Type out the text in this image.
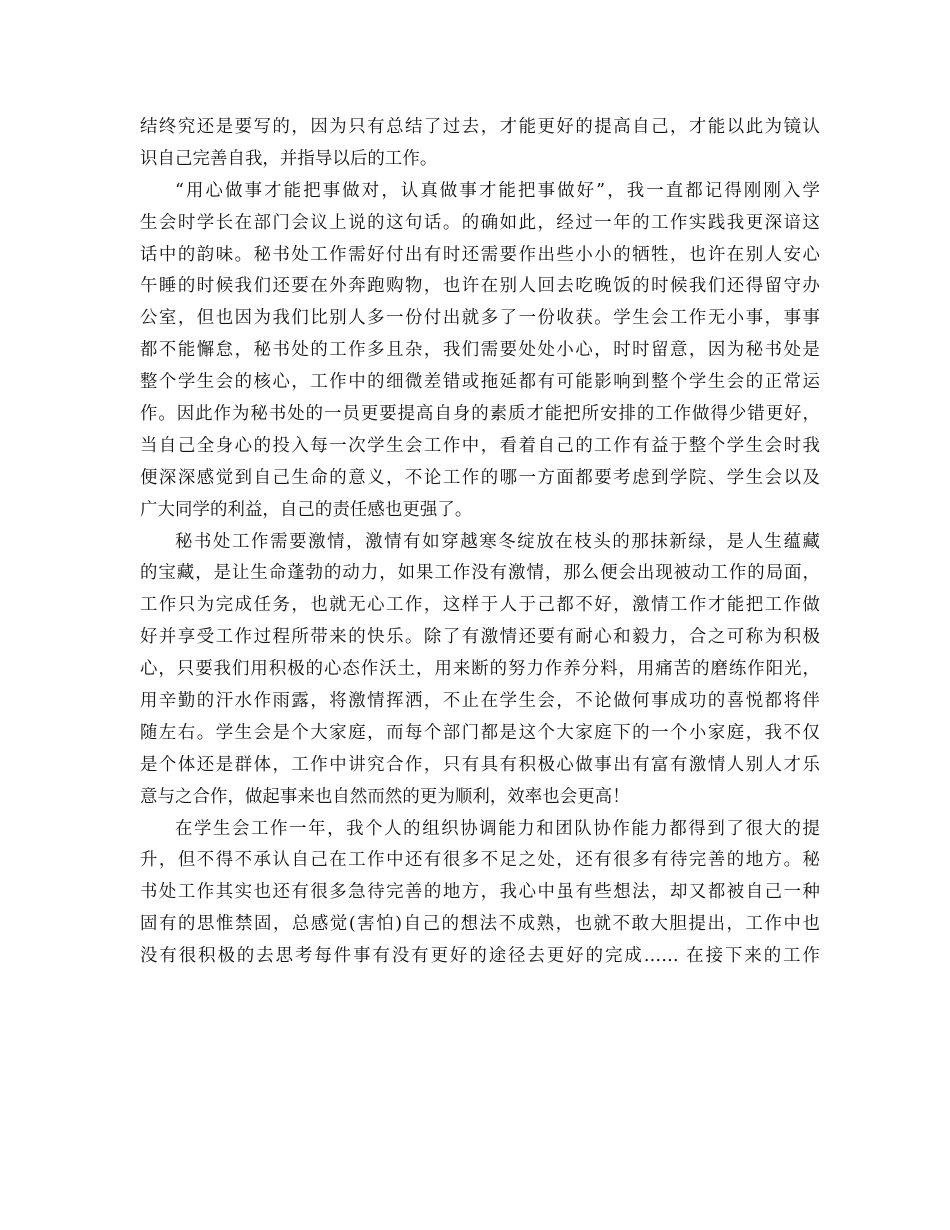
结终究还是要写的，因为只有总结了过去，才能更好的提高自己，才能以此为镜认
识自己完善自我，并指导以后的工作。
“用心做事才能把事做对，认真做事才能把事做好”，我一直都记得刚刚入学
生会时学长在部门会议上说的这句话。的确如此，经过一年的工作实践我更深谙这
话中的韵味。秘书处工作需好付出有时还需要作出些小小的牺牲，也许在别人安心
午睡的时候我们还要在外奔跑购物，也许在别人回去吃晚饭的时候我们还得留守办
公室，但也因为我们比别人多一份付出就多了一份收获。学生会工作无小事，事事
都不能懈怠，秘书处的工作多且杂，我们需要处处小心，时时留意，因为秘书处是
整个学生会的核心，工作中的细微差错或拖延都有可能影响到整个学生会的正常运
作。因此作为秘书处的一员更要提高自身的素质才能把所安排的工作做得少错更好，
当自己全身心的投入每一次学生会工作中，看着自己的工作有益于整个学生会时我
便深深感觉到自己生命的意义，不论工作的哪一方面都要考虑到学院、学生会以及
广大同学的利益，自己的责任感也更强了。
秘书处工作需要激情，激情有如穿越寒冬绽放在枝头的那抹新绿，是人生蕴藏
的宝藏，是让生命蓬勃的动力，如果工作没有激情，那么便会出现被动工作的局面，
工作只为完成任务，也就无心工作，这样于人于己都不好，激情工作才能把工作做
好并享受工作过程所带来的快乐。除了有激情还要有耐心和毅力，合之可称为积极
心，只要我们用积极的心态作沃土，用来断的努力作养分料，用痛苦的磨练作阳光，
用辛勤的汗水作雨露，将激情挥洒，不止在学生会，不论做何事成功的喜悦都将伴
随左右。学生会是个大家庭，而每个部门都是这个大家庭下的一个小家庭，我不仅
是个体还是群体，工作中讲究合作，只有具有积极心做事出有富有激情人别人才乐
意与之合作，做起事来也自然而然的更为顺利，效率也会更高！
在学生会工作一年，我个人的组织协调能力和团队协作能力都得到了很大的提
升，但不得不承认自己在工作中还有很多不足之处，还有很多有待完善的地方。秘
书处工作其实也还有很多急待完善的地方，我心中虽有些想法，却又都被自己一种
固有的思惟禁固，总感觉(害怕)自己的想法不成熟，也就不敢大胆提出，工作中也
没有很积极的去思考每件事有没有更好的途径去更好的完成…… 在接下来的工作
